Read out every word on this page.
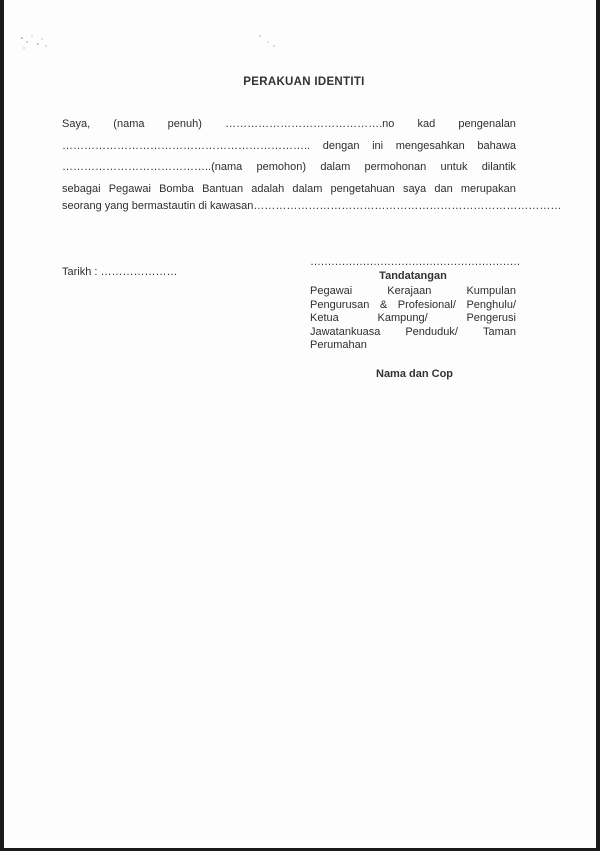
PERAKUAN IDENTITI
Saya, (nama penuh) …………………………………….no kad pengenalan
………………………………………………………….. dengan ini mengesahkan bahawa
…………………………………..(nama pemohon) dalam permohonan untuk dilantik
sebagai Pegawai Bomba Bantuan adalah dalam pengetahuan saya dan merupakan
seorang yang bermastautin di kawasan…………………………………………………………………………
Tarikh : …………………
……………………………………………………
Tandatangan
Pegawai	Kerajaan	Kumpulan
Pengurusan & Profesional/ Penghulu/
Ketua	Kampung/	Pengerusi
Jawatankuasa Penduduk/ Taman
Perumahan
Nama dan Cop
